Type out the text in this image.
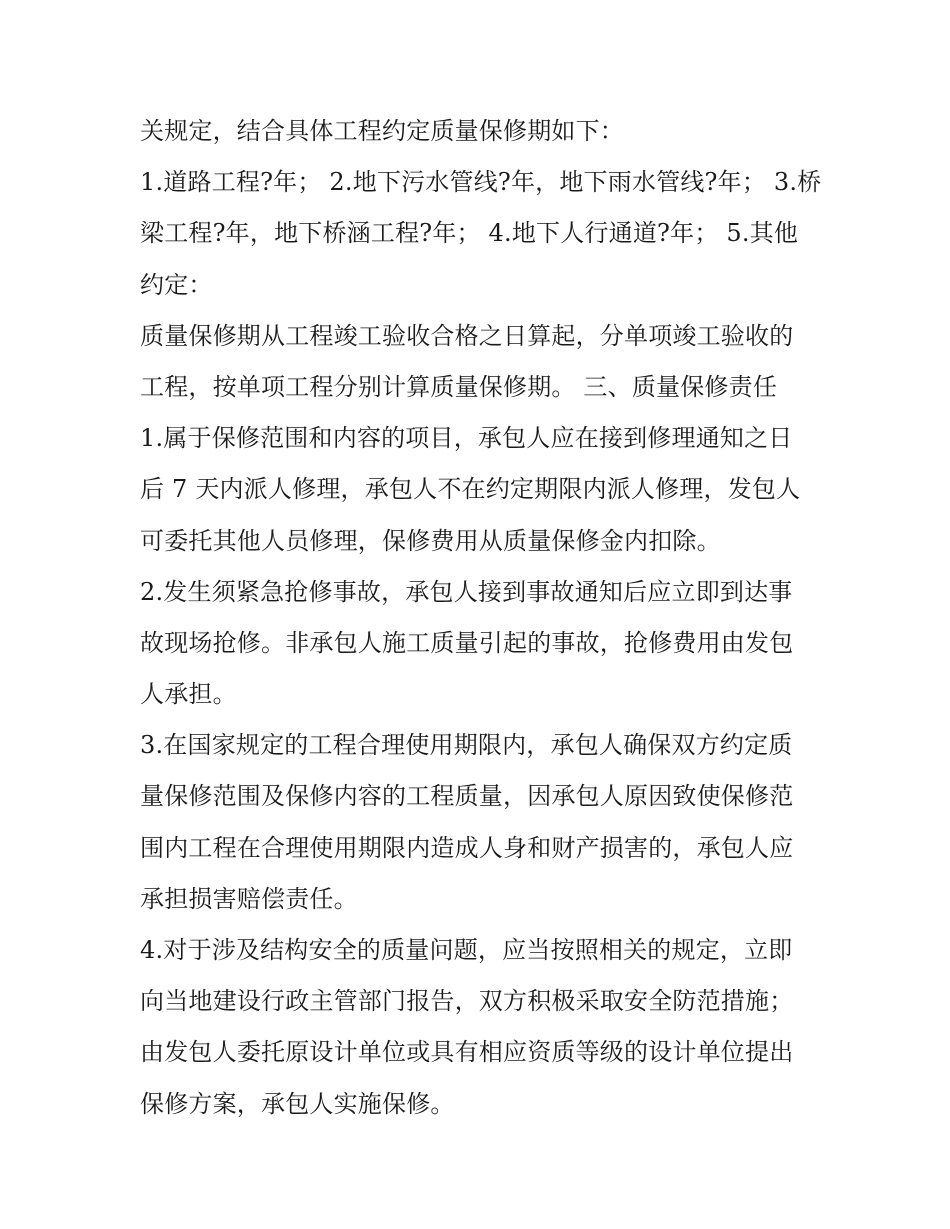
关规定，结合具体工程约定质量保修期如下：
1.道路工程?年； 2.地下污水管线?年，地下雨水管线?年； 3.桥
梁工程?年，地下桥涵工程?年； 4.地下人行通道?年； 5.其他
约定：
质量保修期从工程竣工验收合格之日算起，分单项竣工验收的
工程，按单项工程分别计算质量保修期。 三、质量保修责任
1.属于保修范围和内容的项目，承包人应在接到修理通知之日
后 7 天内派人修理，承包人不在约定期限内派人修理，发包人
可委托其他人员修理，保修费用从质量保修金内扣除。
2.发生须紧急抢修事故，承包人接到事故通知后应立即到达事
故现场抢修。非承包人施工质量引起的事故，抢修费用由发包
人承担。
3.在国家规定的工程合理使用期限内，承包人确保双方约定质
量保修范围及保修内容的工程质量，因承包人原因致使保修范
围内工程在合理使用期限内造成人身和财产损害的，承包人应
承担损害赔偿责任。
4.对于涉及结构安全的质量问题，应当按照相关的规定，立即
向当地建设行政主管部门报告，双方积极采取安全防范措施；
由发包人委托原设计单位或具有相应资质等级的设计单位提出
保修方案，承包人实施保修。
